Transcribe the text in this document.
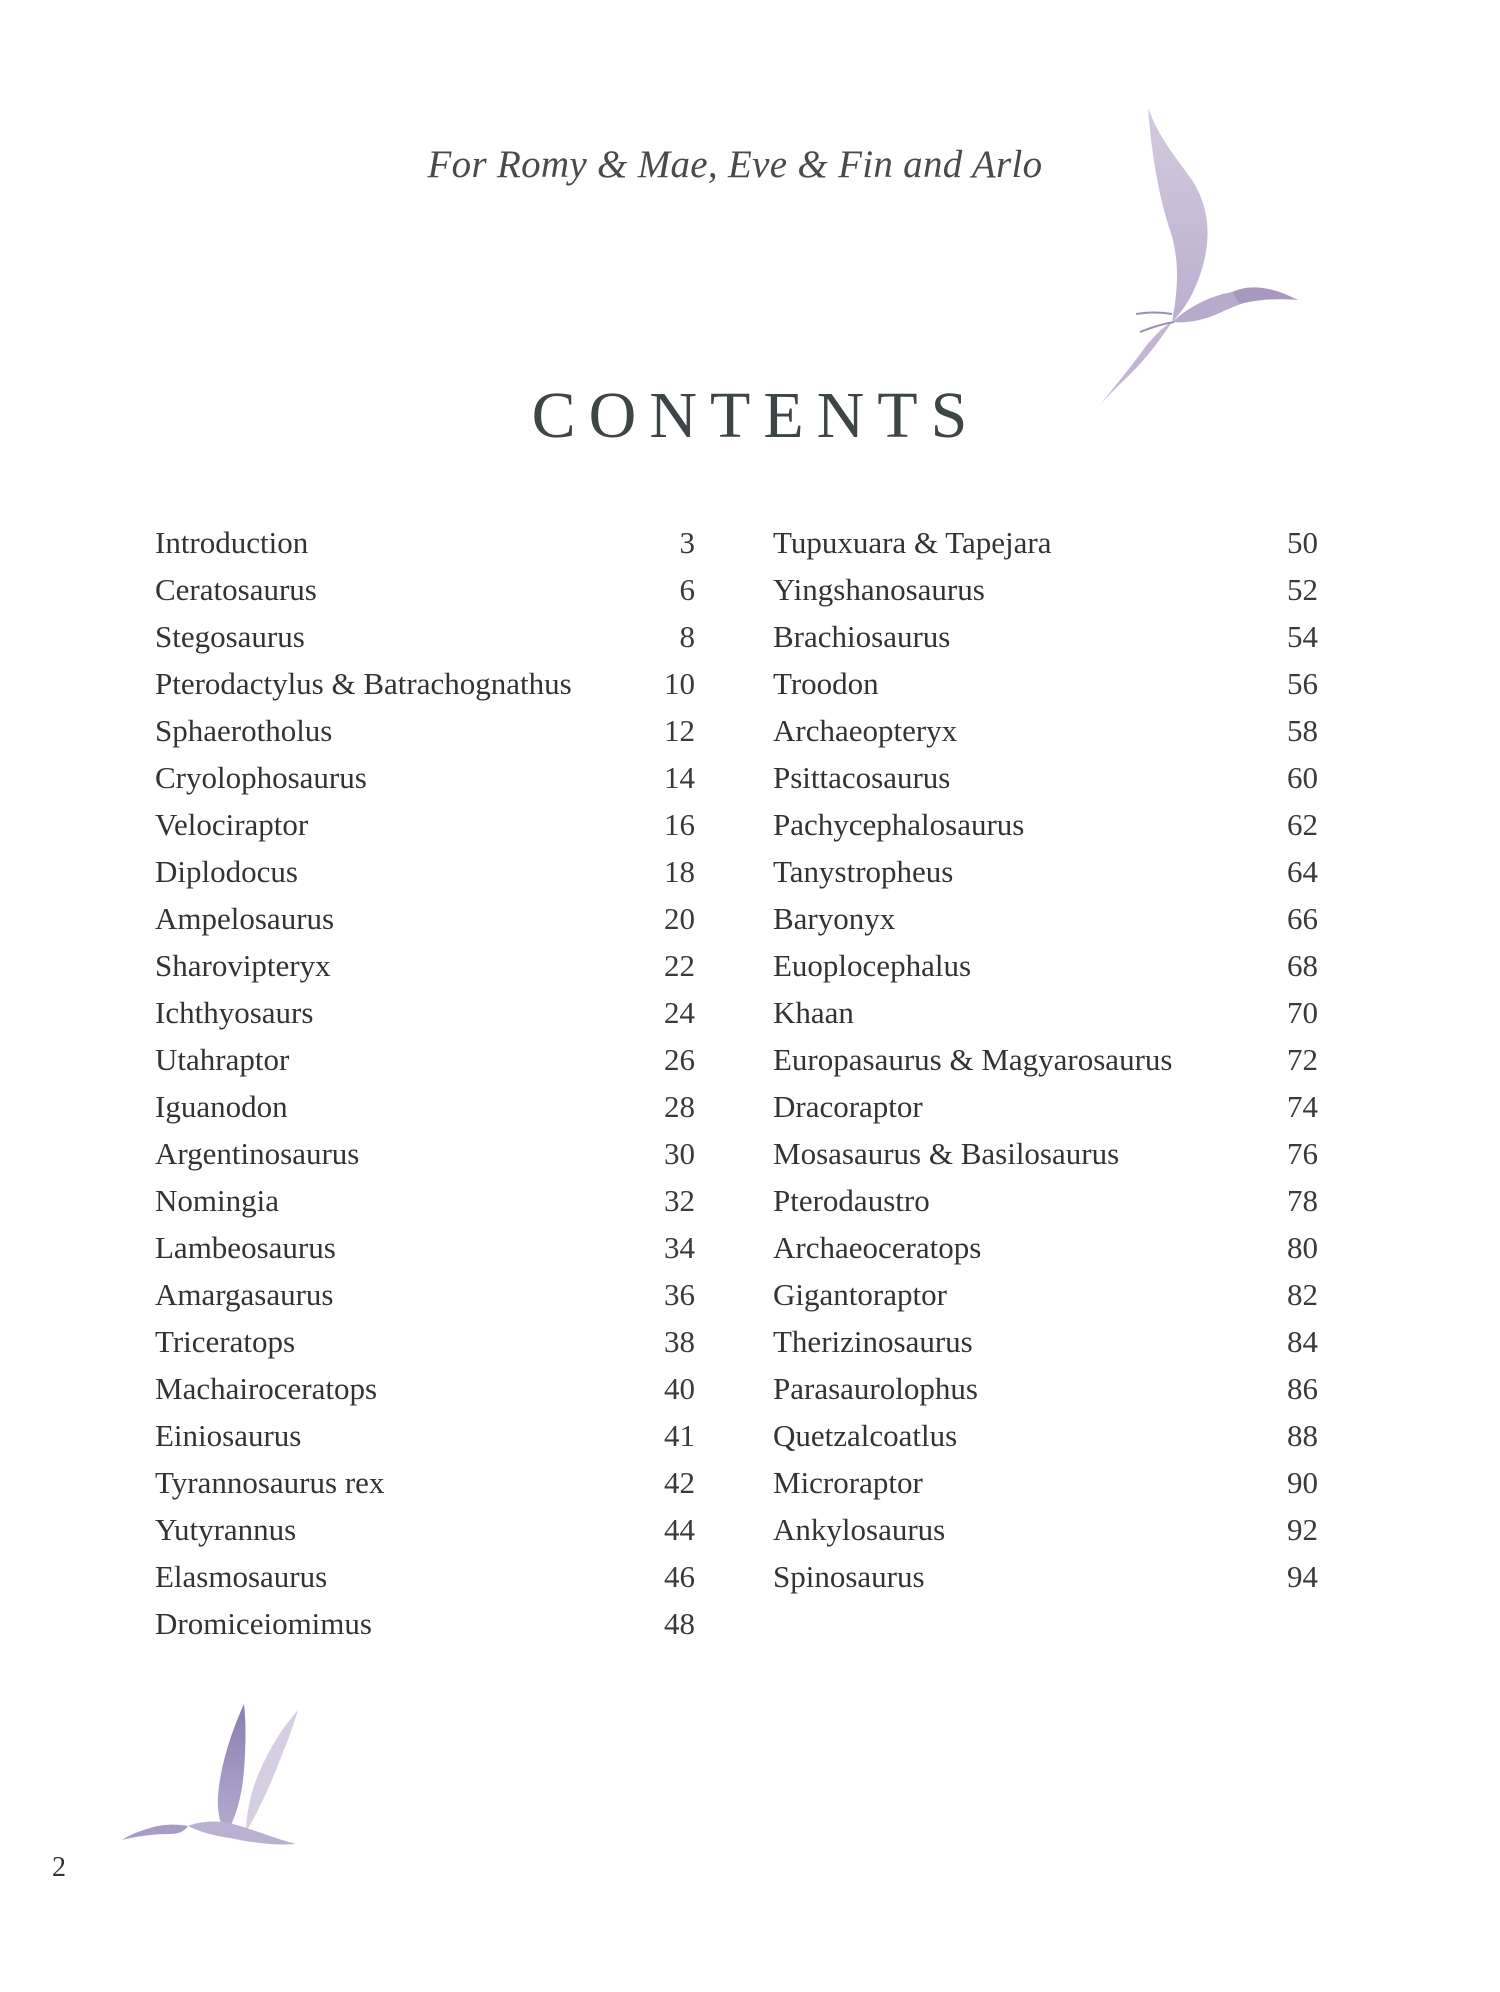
For Romy & Mae, Eve & Fin and Arlo
CONTENTS
Introduction	3
Ceratosaurus	6
Stegosaurus	8
Pterodactylus & Batrachognathus	10
Sphaerotholus	12
Cryolophosaurus	14
Velociraptor	16
Diplodocus	18
Ampelosaurus	20
Sharovipteryx	22
Ichthyosaurs	24
Utahraptor	26
Iguanodon	28
Argentinosaurus	30
Nomingia	32
Lambeosaurus	34
Amargasaurus	36
Triceratops	38
Machairoceratops	40
Einiosaurus	41
Tyrannosaurus rex	42
Yutyrannus	44
Elasmosaurus	46
Dromiceiomimus	48
Tupuxuara & Tapejara	50
Yingshanosaurus	52
Brachiosaurus	54
Troodon	56
Archaeopteryx	58
Psittacosaurus	60
Pachycephalosaurus	62
Tanystropheus	64
Baryonyx	66
Euoplocephalus	68
Khaan	70
Europasaurus & Magyarosaurus	72
Dracoraptor	74
Mosasaurus & Basilosaurus	76
Pterodaustro	78
Archaeoceratops	80
Gigantoraptor	82
Therizinosaurus	84
Parasaurolophus	86
Quetzalcoatlus	88
Microraptor	90
Ankylosaurus	92
Spinosaurus	94
2
